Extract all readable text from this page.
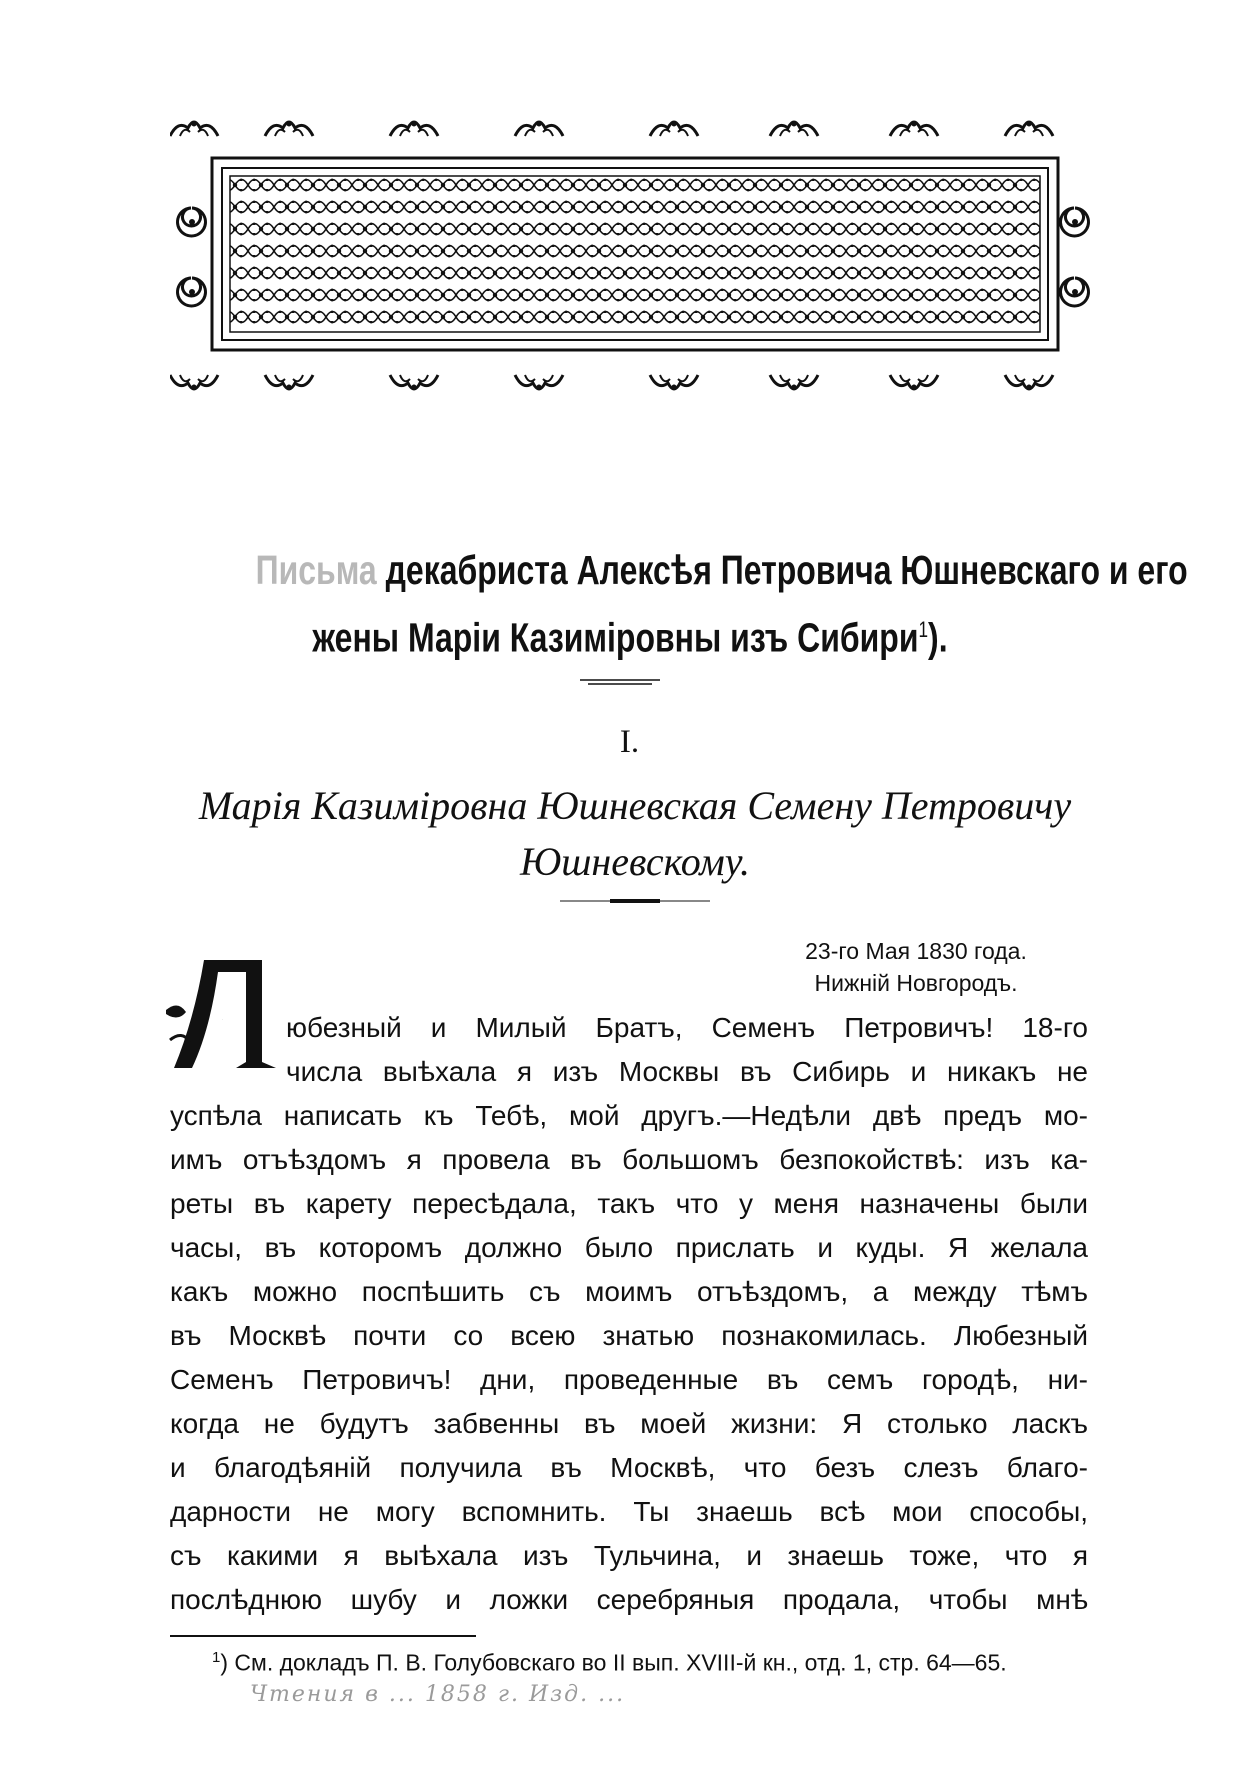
Письма декабриста Алексѣя Петровича Юшневскаго и его
жены Маріи Казиміровны изъ Сибири$^1$).
I.
Марія Казиміровна Юшневская Семену Петровичу
Юшневскому.
23-го Мая 1830 года.
Нижній Новгородъ.
Л	юбезный и Милый Братъ, Семенъ Петровичъ! 18-го
числа выѣхала я изъ Москвы въ Сибирь и никакъ не
успѣла написать къ Тебѣ, мой другъ.—Недѣли двѣ предъ мо-
имъ отъѣздомъ я провела въ большомъ безпокойствѣ: изъ ка-
реты въ карету пересѣдала, такъ что у меня назначены были
часы, въ которомъ должно было прислать и куды. Я желала
какъ можно поспѣшить съ моимъ отъѣздомъ, а между тѣмъ
въ Москвѣ почти со всею знатью познакомилась. Любезный
Семенъ Петровичъ! дни, проведенные въ семъ городѣ, ни-
когда не будутъ забвенны въ моей жизни: Я столько ласкъ
и благодѣяній получила въ Москвѣ, что безъ слезъ благо-
дарности не могу вспомнить. Ты знаешь всѣ мои способы,
съ какими я выѣхала изъ Тульчина, и знаешь тоже, что я
послѣднюю шубу и ложки серебряныя продала, чтобы мнѣ
$^1$) См. докладъ П. В. Голубовскаго во II вып. XVIII-й кн., отд. 1, стр. 64—65.
Чтения в ... 1858 г. Изд. ...
